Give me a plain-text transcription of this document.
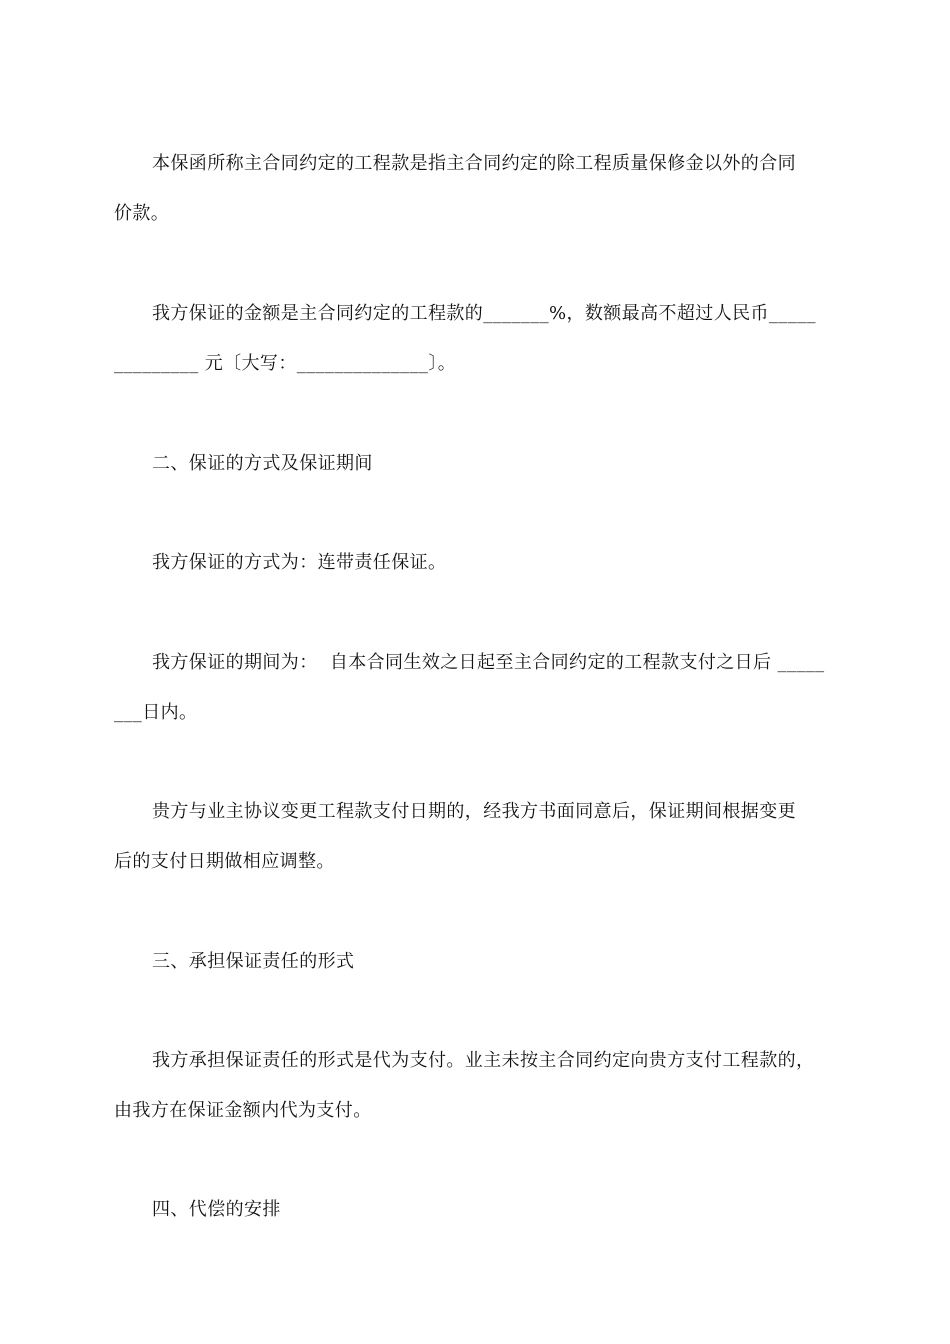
本保函所称主合同约定的工程款是指主合同约定的除工程质量保修金以外的合同
价款。
我方保证的金额是主合同约定的工程款的_______%，数额最高不超过人民币_____
_________ 元〔大写：______________〕。
二、保证的方式及保证期间
我方保证的方式为：连带责任保证。
我方保证的期间为：  自本合同生效之日起至主合同约定的工程款支付之日后 _____
___日内。
贵方与业主协议变更工程款支付日期的，经我方书面同意后，保证期间根据变更
后的支付日期做相应调整。
三、承担保证责任的形式
我方承担保证责任的形式是代为支付。业主未按主合同约定向贵方支付工程款的，
由我方在保证金额内代为支付。
四、代偿的安排
